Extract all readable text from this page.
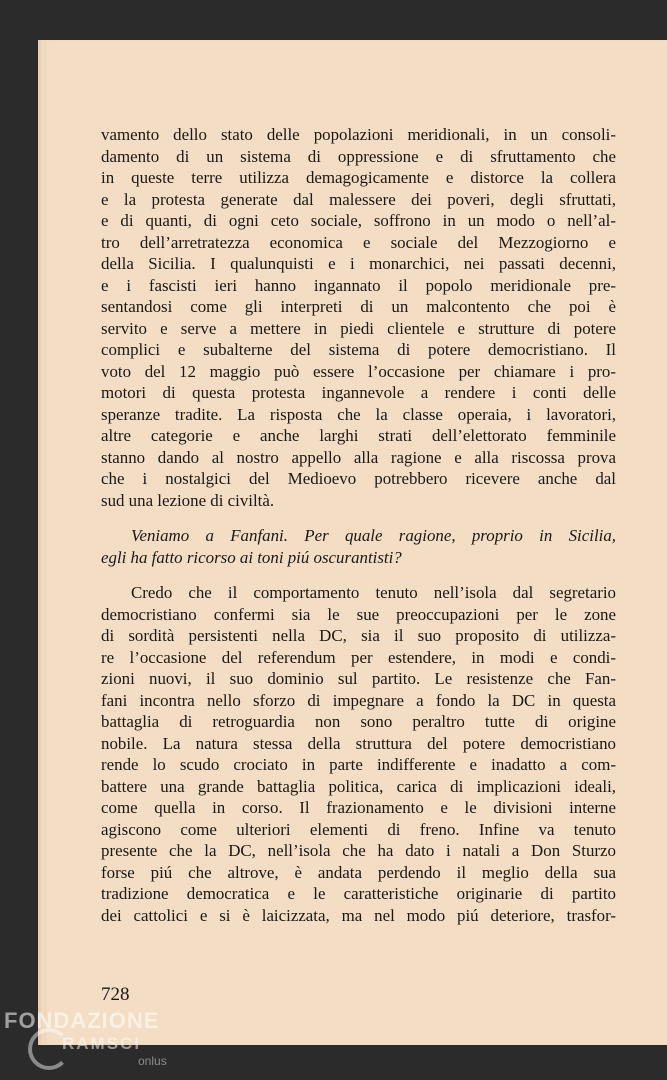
vamento dello stato delle popolazioni meridionali, in un consoli-
damento di un sistema di oppressione e di sfruttamento che
in queste terre utilizza demagogicamente e distorce la collera
e la protesta generate dal malessere dei poveri, degli sfruttati,
e di quanti, di ogni ceto sociale, soffrono in un modo o nell’al-
tro dell’arretratezza economica e sociale del Mezzogiorno e
della Sicilia. I qualunquisti e i monarchici, nei passati decenni,
e i fascisti ieri hanno ingannato il popolo meridionale pre-
sentandosi come gli interpreti di un malcontento che poi è
servito e serve a mettere in piedi clientele e strutture di potere
complici e subalterne del sistema di potere democristiano. Il
voto del 12 maggio può essere l’occasione per chiamare i pro-
motori di questa protesta ingannevole a rendere i conti delle
speranze tradite. La risposta che la classe operaia, i lavoratori,
altre categorie e anche larghi strati dell’elettorato femminile
stanno dando al nostro appello alla ragione e alla riscossa prova
che i nostalgici del Medioevo potrebbero ricevere anche dal
sud una lezione di civiltà.
Veniamo a Fanfani. Per quale ragione, proprio in Sicilia,
egli ha fatto ricorso ai toni piú oscurantisti?
Credo che il comportamento tenuto nell’isola dal segretario
democristiano confermi sia le sue preoccupazioni per le zone
di sordità persistenti nella DC, sia il suo proposito di utilizza-
re l’occasione del referendum per estendere, in modi e condi-
zioni nuovi, il suo dominio sul partito. Le resistenze che Fan-
fani incontra nello sforzo di impegnare a fondo la DC in questa
battaglia di retroguardia non sono peraltro tutte di origine
nobile. La natura stessa della struttura del potere democristiano
rende lo scudo crociato in parte indifferente e inadatto a com-
battere una grande battaglia politica, carica di implicazioni ideali,
come quella in corso. Il frazionamento e le divisioni interne
agiscono come ulteriori elementi di freno. Infine va tenuto
presente che la DC, nell’isola che ha dato i natali a Don Sturzo
forse piú che altrove, è andata perdendo il meglio della sua
tradizione democratica e le caratteristiche originarie di partito
dei cattolici e si è laicizzata, ma nel modo piú deteriore, trasfor-
728
FONDAZIONE
RAMSCI
onlus
